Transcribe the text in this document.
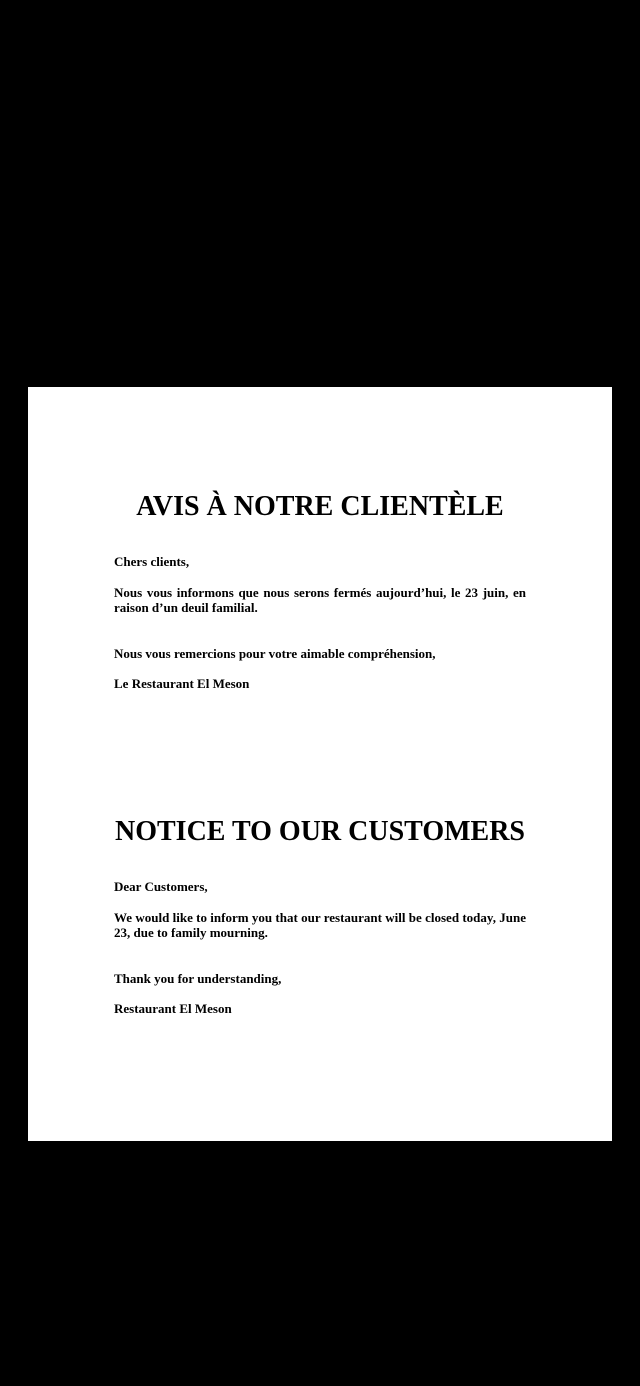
AVIS À NOTRE CLIENTÈLE

Chers clients,

Nous vous informons que nous serons fermés aujourd’hui, le 23 juin, en raison d’un deuil familial.

Nous vous remercions pour votre aimable compréhension,

Le Restaurant El Meson

NOTICE TO OUR CUSTOMERS

Dear Customers,

We would like to inform you that our restaurant will be closed today, June 23, due to family mourning.

Thank you for understanding,

Restaurant El Meson
